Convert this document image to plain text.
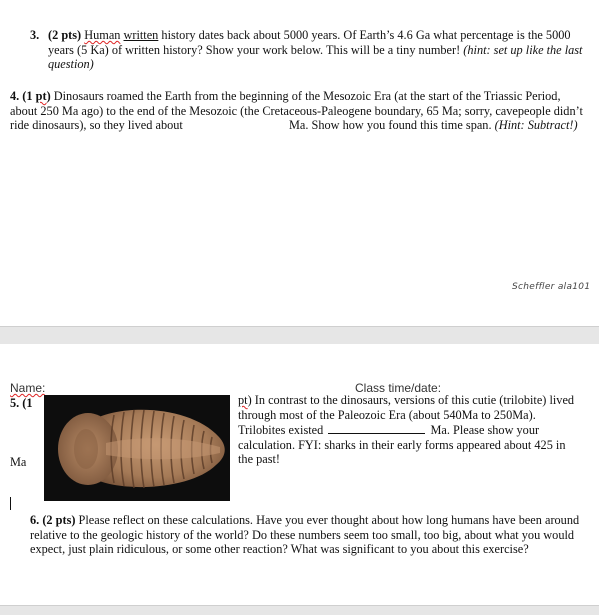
3. (2 pts) Human written history dates back about 5000 years. Of Earth’s 4.6 Ga what percentage is the 5000 years (5 Ka) of written history? Show your work below. This will be a tiny number! (hint: set up like the last question)
4. (1 pt) Dinosaurs roamed the Earth from the beginning of the Mesozoic Era (at the start of the Triassic Period, about 250 Ma ago) to the end of the Mesozoic (the Cretaceous-Paleogene boundary, 65 Ma; sorry, cavepeople didn’t ride dinosaurs), so they lived about	Ma. Show how you found this time span. (Hint: Subtract!)
Scheffler ala101
Name:	Class time/date:
5. (1
Ma
pt) In contrast to the dinosaurs, versions of this cutie (trilobite) lived through most of the Paleozoic Era (about 540Ma to 250Ma). Trilobites existed	Ma. Please show your calculation. FYI: sharks in their early forms appeared about 425 in the past!
6. (2 pts) Please reflect on these calculations. Have you ever thought about how long humans have been around relative to the geologic history of the world? Do these numbers seem too small, too big, about what you would expect, just plain ridiculous, or some other reaction? What was significant to you about this exercise?
